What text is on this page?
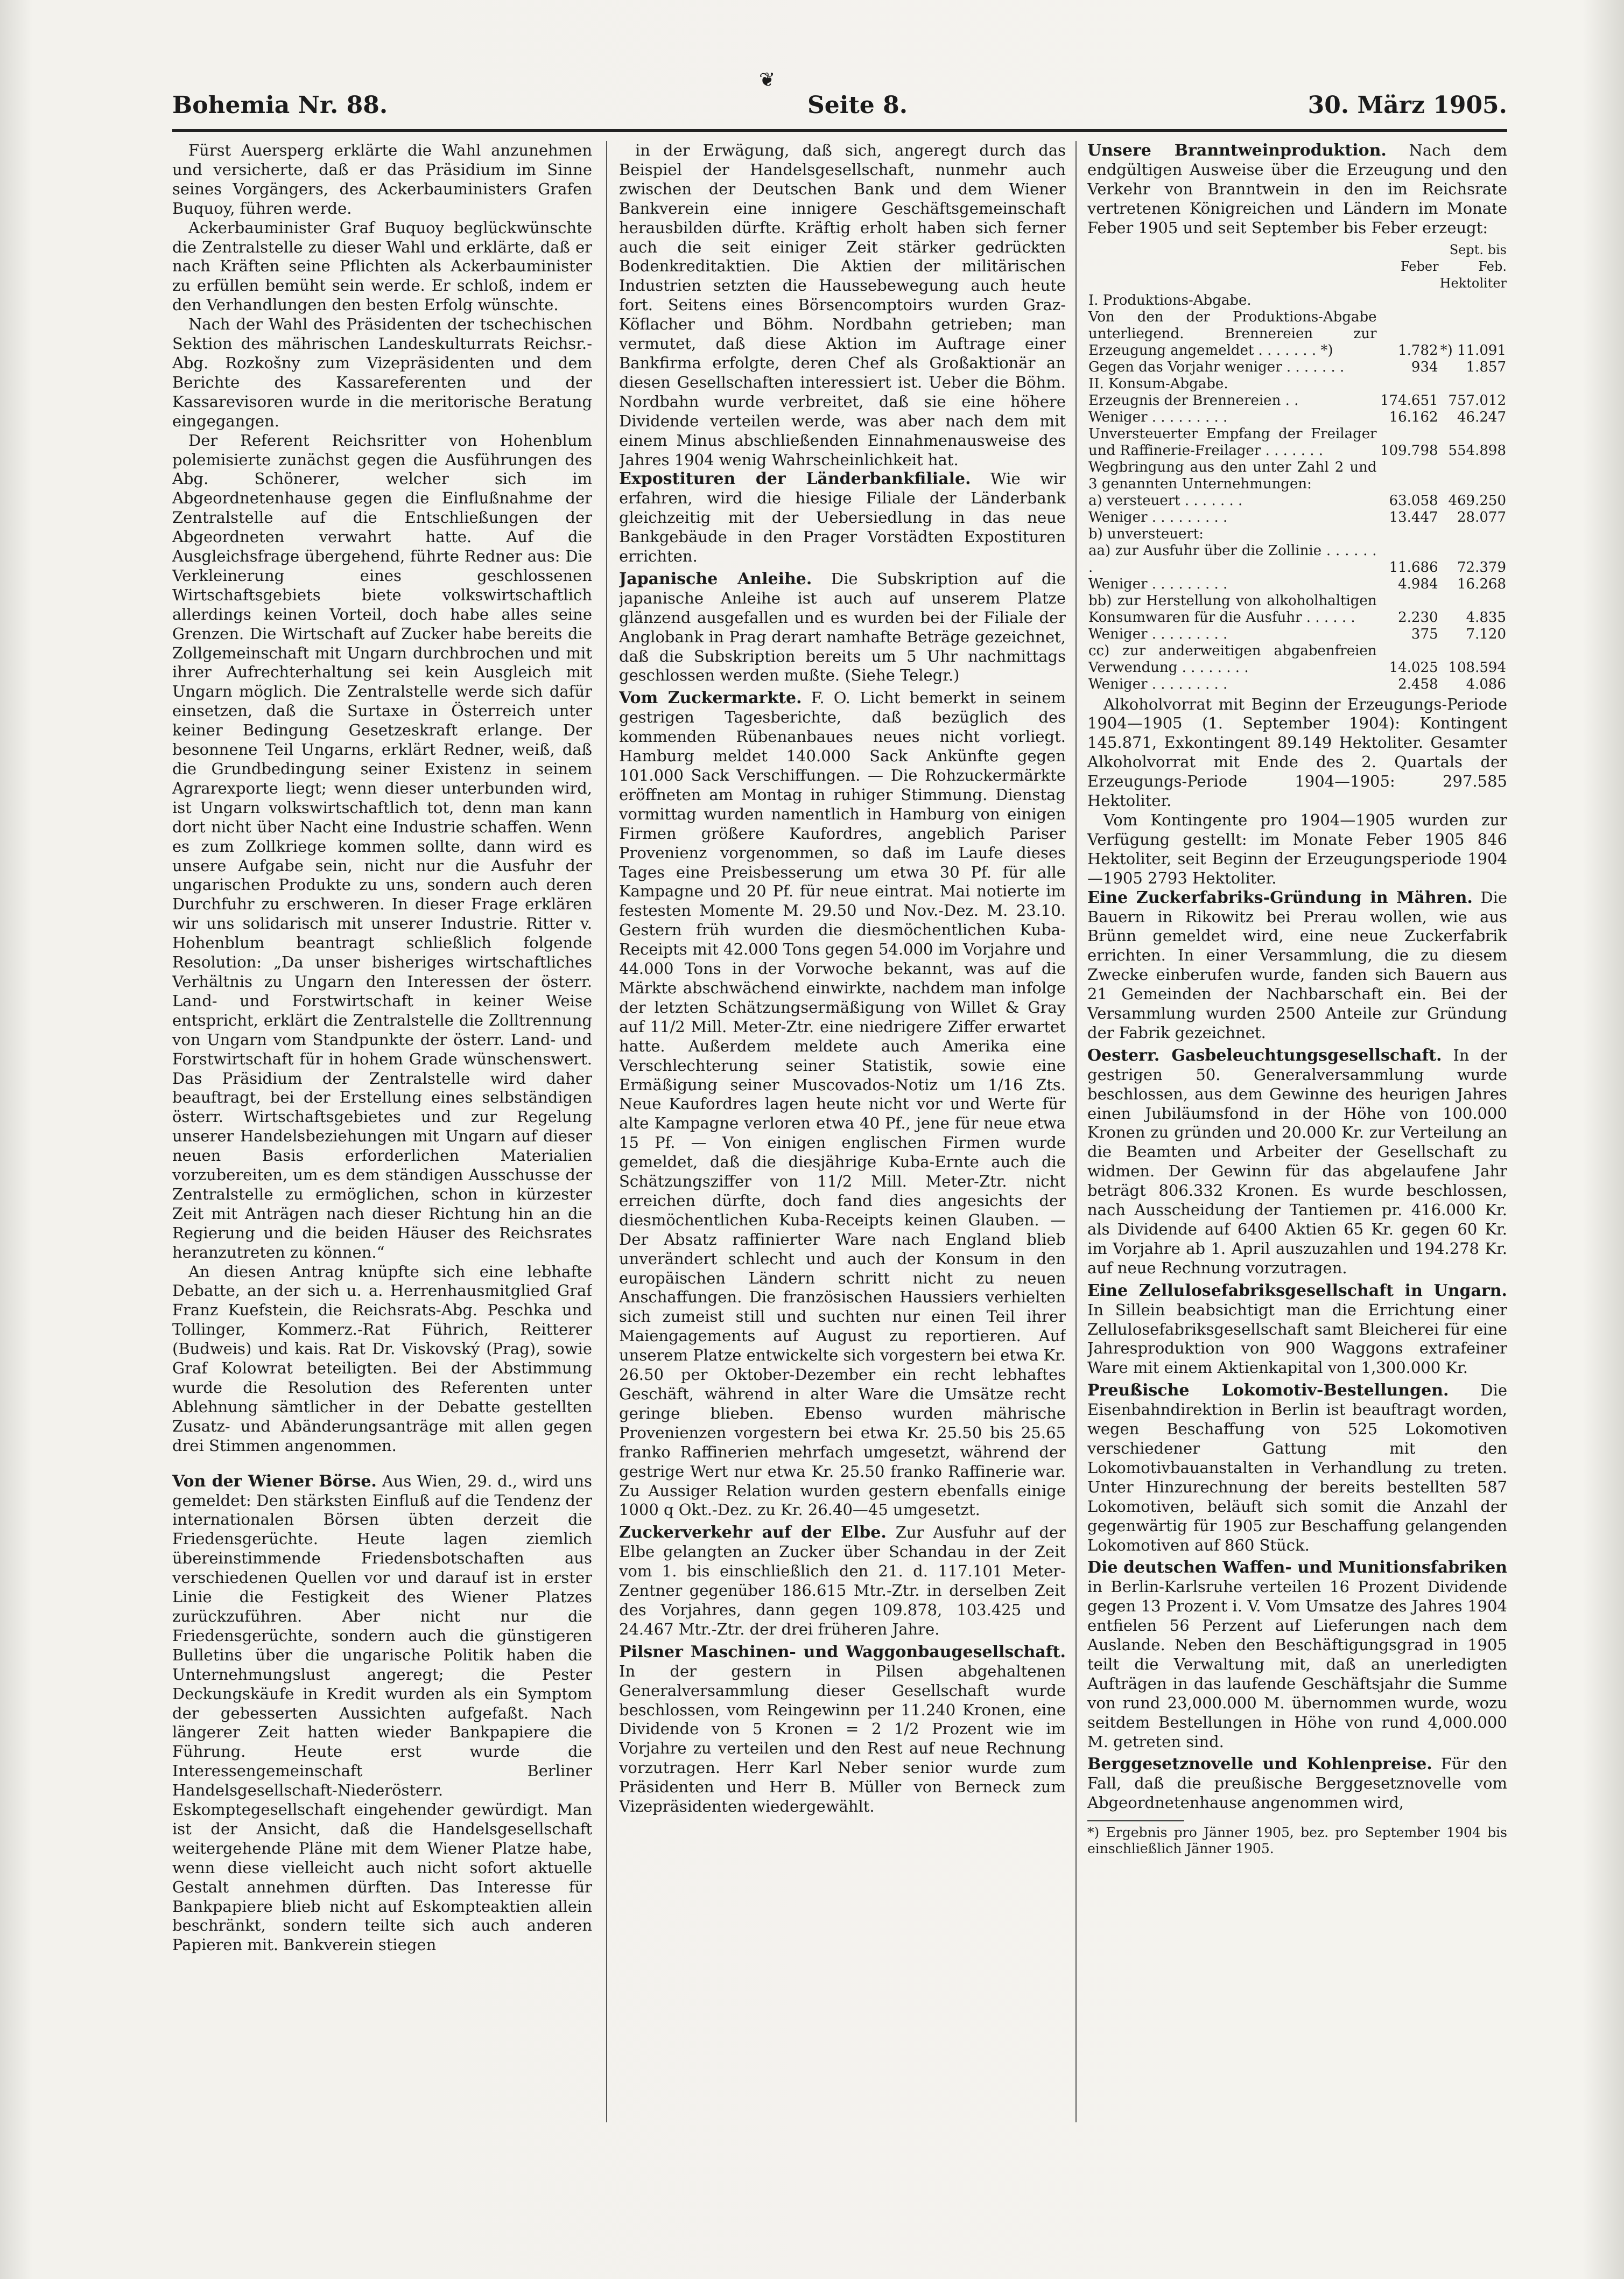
❦
Bohemia Nr. 88.	Seite 8.	30. März 1905.

Fürst Auersperg erklärte die Wahl anzunehmen und versicherte, daß er das Präsidium im Sinne seines Vorgängers, des Ackerbauministers Grafen Buquoy, führen werde.

Ackerbauminister Graf Buquoy beglückwünschte die Zentralstelle zu dieser Wahl und erklärte, daß er nach Kräften seine Pflichten als Ackerbauminister zu erfüllen bemüht sein werde. Er schloß, indem er den Verhandlungen den besten Erfolg wünschte.

Nach der Wahl des Präsidenten der tschechischen Sektion des mährischen Landeskulturrats Reichsr.-Abg. Rozkošny zum Vizepräsidenten und dem Berichte des Kassareferenten und der Kassarevisoren wurde in die meritorische Beratung eingegangen.

Der Referent Reichsritter von Hohenblum polemisierte zunächst gegen die Ausführungen des Abg. Schönerer, welcher sich im Abgeordnetenhause gegen die Einflußnahme der Zentralstelle auf die Entschließungen der Abgeordneten verwahrt hatte. Auf die Ausgleichsfrage übergehend, führte Redner aus: Die Verkleinerung eines geschlossenen Wirtschaftsgebiets biete volkswirtschaftlich allerdings keinen Vorteil, doch habe alles seine Grenzen. Die Wirtschaft auf Zucker habe bereits die Zollgemeinschaft mit Ungarn durchbrochen und mit ihrer Aufrechterhaltung sei kein Ausgleich mit Ungarn möglich. Die Zentralstelle werde sich dafür einsetzen, daß die Surtaxe in Österreich unter keiner Bedingung Gesetzeskraft erlange. Der besonnene Teil Ungarns, erklärt Redner, weiß, daß die Grundbedingung seiner Existenz in seinem Agrarexporte liegt; wenn dieser unterbunden wird, ist Ungarn volkswirtschaftlich tot, denn man kann dort nicht über Nacht eine Industrie schaffen. Wenn es zum Zollkriege kommen sollte, dann wird es unsere Aufgabe sein, nicht nur die Ausfuhr der ungarischen Produkte zu uns, sondern auch deren Durchfuhr zu erschweren. In dieser Frage erklären wir uns solidarisch mit unserer Industrie. Ritter v. Hohenblum beantragt schließlich folgende Resolution: „Da unser bisheriges wirtschaftliches Verhältnis zu Ungarn den Interessen der österr. Land- und Forstwirtschaft in keiner Weise entspricht, erklärt die Zentralstelle die Zolltrennung von Ungarn vom Standpunkte der österr. Land- und Forstwirtschaft für in hohem Grade wünschenswert. Das Präsidium der Zentralstelle wird daher beauftragt, bei der Erstellung eines selbständigen österr. Wirtschaftsgebietes und zur Regelung unserer Handelsbeziehungen mit Ungarn auf dieser neuen Basis erforderlichen Materialien vorzubereiten, um es dem ständigen Ausschusse der Zentralstelle zu ermöglichen, schon in kürzester Zeit mit Anträgen nach dieser Richtung hin an die Regierung und die beiden Häuser des Reichsrates heranzutreten zu können.“

An diesen Antrag knüpfte sich eine lebhafte Debatte, an der sich u. a. Herrenhausmitglied Graf Franz Kuefstein, die Reichsrats-Abg. Peschka und Tollinger, Kommerz.-Rat Führich, Reitterer (Budweis) und kais. Rat Dr. Viskovský (Prag), sowie Graf Kolowrat beteiligten. Bei der Abstimmung wurde die Resolution des Referenten unter Ablehnung sämtlicher in der Debatte gestellten Zusatz- und Abänderungsanträge mit allen gegen drei Stimmen angenommen.

Von der Wiener Börse. Aus Wien, 29. d., wird uns gemeldet: Den stärksten Einfluß auf die Tendenz der internationalen Börsen übten derzeit die Friedensgerüchte. Heute lagen ziemlich übereinstimmende Friedensbotschaften aus verschiedenen Quellen vor und darauf ist in erster Linie die Festigkeit des Wiener Platzes zurückzuführen. Aber nicht nur die Friedensgerüchte, sondern auch die günstigeren Bulletins über die ungarische Politik haben die Unternehmungslust angeregt; die Pester Deckungskäufe in Kredit wurden als ein Symptom der gebesserten Aussichten aufgefaßt. Nach längerer Zeit hatten wieder Bankpapiere die Führung. Heute erst wurde die Interessengemeinschaft Berliner Handelsgesellschaft-Niederösterr. Eskomptegesellschaft eingehender gewürdigt. Man ist der Ansicht, daß die Handelsgesellschaft weitergehende Pläne mit dem Wiener Platze habe, wenn diese vielleicht auch nicht sofort aktuelle Gestalt annehmen dürften. Das Interesse für Bankpapiere blieb nicht auf Eskompteaktien allein beschränkt, sondern teilte sich auch anderen Papieren mit. Bankverein stiegen

in der Erwägung, daß sich, angeregt durch das Beispiel der Handelsgesellschaft, nunmehr auch zwischen der Deutschen Bank und dem Wiener Bankverein eine innigere Geschäftsgemeinschaft herausbilden dürfte. Kräftig erholt haben sich ferner auch die seit einiger Zeit stärker gedrückten Bodenkreditaktien. Die Aktien der militärischen Industrien setzten die Haussebewegung auch heute fort. Seitens eines Börsencomptoirs wurden Graz-Köflacher und Böhm. Nordbahn getrieben; man vermutet, daß diese Aktion im Auftrage einer Bankfirma erfolgte, deren Chef als Großaktionär an diesen Gesellschaften interessiert ist. Ueber die Böhm. Nordbahn wurde verbreitet, daß sie eine höhere Dividende verteilen werde, was aber nach dem mit einem Minus abschließenden Einnahmenausweise des Jahres 1904 wenig Wahrscheinlichkeit hat.

Expostituren der Länderbankfiliale. Wie wir erfahren, wird die hiesige Filiale der Länderbank gleichzeitig mit der Uebersiedlung in das neue Bankgebäude in den Prager Vorstädten Expostituren errichten.

Japanische Anleihe. Die Subskription auf die japanische Anleihe ist auch auf unserem Platze glänzend ausgefallen und es wurden bei der Filiale der Anglobank in Prag derart namhafte Beträge gezeichnet, daß die Subskription bereits um 5 Uhr nachmittags geschlossen werden mußte. (Siehe Telegr.)

Vom Zuckermarkte. F. O. Licht bemerkt in seinem gestrigen Tagesberichte, daß bezüglich des kommenden Rübenanbaues neues nicht vorliegt. Hamburg meldet 140.000 Sack Ankünfte gegen 101.000 Sack Verschiffungen. — Die Rohzuckermärkte eröffneten am Montag in ruhiger Stimmung. Dienstag vormittag wurden namentlich in Hamburg von einigen Firmen größere Kaufordres, angeblich Pariser Provenienz vorgenommen, so daß im Laufe dieses Tages eine Preisbesserung um etwa 30 Pf. für alle Kampagne und 20 Pf. für neue eintrat. Mai notierte im festesten Momente M. 29.50 und Nov.-Dez. M. 23.10. Gestern früh wurden die diesmöchentlichen Kuba-Receipts mit 42.000 Tons gegen 54.000 im Vorjahre und 44.000 Tons in der Vorwoche bekannt, was auf die Märkte abschwächend einwirkte, nachdem man infolge der letzten Schätzungsermäßigung von Willet & Gray auf 11/2 Mill. Meter-Ztr. eine niedrigere Ziffer erwartet hatte. Außerdem meldete auch Amerika eine Verschlechterung seiner Statistik, sowie eine Ermäßigung seiner Muscovados-Notiz um 1/16 Zts. Neue Kaufordres lagen heute nicht vor und Werte für alte Kampagne verloren etwa 40 Pf., jene für neue etwa 15 Pf. — Von einigen englischen Firmen wurde gemeldet, daß die diesjährige Kuba-Ernte auch die Schätzungsziffer von 11/2 Mill. Meter-Ztr. nicht erreichen dürfte, doch fand dies angesichts der diesmöchentlichen Kuba-Receipts keinen Glauben. — Der Absatz raffinierter Ware nach England blieb unverändert schlecht und auch der Konsum in den europäischen Ländern schritt nicht zu neuen Anschaffungen. Die französischen Haussiers verhielten sich zumeist still und suchten nur einen Teil ihrer Maiengagements auf August zu reportieren. Auf unserem Platze entwickelte sich vorgestern bei etwa Kr. 26.50 per Oktober-Dezember ein recht lebhaftes Geschäft, während in alter Ware die Umsätze recht geringe blieben. Ebenso wurden mährische Provenienzen vorgestern bei etwa Kr. 25.50 bis 25.65 franko Raffinerien mehrfach umgesetzt, während der gestrige Wert nur etwa Kr. 25.50 franko Raffinerie war. Zu Aussiger Relation wurden gestern ebenfalls einige 1000 q Okt.-Dez. zu Kr. 26.40—45 umgesetzt.

Zuckerverkehr auf der Elbe. Zur Ausfuhr auf der Elbe gelangten an Zucker über Schandau in der Zeit vom 1. bis einschließlich den 21. d. 117.101 Meter-Zentner gegenüber 186.615 Mtr.-Ztr. in derselben Zeit des Vorjahres, dann gegen 109.878, 103.425 und 24.467 Mtr.-Ztr. der drei früheren Jahre.

Pilsner Maschinen- und Waggonbaugesellschaft. In der gestern in Pilsen abgehaltenen Generalversammlung dieser Gesellschaft wurde beschlossen, vom Reingewinn per 11.240 Kronen, eine Dividende von 5 Kronen = 2 1/2 Prozent wie im Vorjahre zu verteilen und den Rest auf neue Rechnung vorzutragen. Herr Karl Neber senior wurde zum Präsidenten und Herr B. Müller von Berneck zum Vizepräsidenten wiedergewählt.

Unsere Branntweinproduktion. Nach dem endgültigen Ausweise über die Erzeugung und den Verkehr von Branntwein in den im Reichsrate vertretenen Königreichen und Ländern im Monate Feber 1905 und seit September bis Feber erzeugt:

	Feber	Sept. bis Feb. Hektoliter
I. Produktions-Abgabe.		
Von den der Produktions-Abgabe unterliegend. Brennereien zur Erzeugung angemeldet . . . . . . . *)	1.782	*) 11.091
Gegen das Vorjahr weniger . . . . . . .	934	1.857
II. Konsum-Abgabe.		
Erzeugnis der Brennereien . .	174.651	757.012
Weniger . . . . . . . . .	16.162	46.247
Unversteuerter Empfang der Freilager und Raffinerie-Freilager . . . . . . .	109.798	554.898
Wegbringung aus den unter Zahl 2 und 3 genannten Unternehmungen:		
a) versteuert . . . . . . .	63.058	469.250
Weniger . . . . . . . . .	13.447	28.077
b) unversteuert:		
aa) zur Ausfuhr über die Zollinie . . . . . . .	11.686	72.379
Weniger . . . . . . . . .	4.984	16.268
bb) zur Herstellung von alkoholhaltigen Konsumwaren für die Ausfuhr . . . . . .	2.230	4.835
Weniger . . . . . . . . .	375	7.120
cc) zur anderweitigen abgabenfreien Verwendung . . . . . . . .	14.025	108.594
Weniger . . . . . . . . .	2.458	4.086

Alkoholvorrat mit Beginn der Erzeugungs-Periode 1904—1905 (1. September 1904): Kontingent 145.871, Exkontingent 89.149 Hektoliter. Gesamter Alkoholvorrat mit Ende des 2. Quartals der Erzeugungs-Periode 1904—1905: 297.585 Hektoliter.

Vom Kontingente pro 1904—1905 wurden zur Verfügung gestellt: im Monate Feber 1905 846 Hektoliter, seit Beginn der Erzeugungsperiode 1904—1905 2793 Hektoliter.

Eine Zuckerfabriks-Gründung in Mähren. Die Bauern in Rikowitz bei Prerau wollen, wie aus Brünn gemeldet wird, eine neue Zuckerfabrik errichten. In einer Versammlung, die zu diesem Zwecke einberufen wurde, fanden sich Bauern aus 21 Gemeinden der Nachbarschaft ein. Bei der Versammlung wurden 2500 Anteile zur Gründung der Fabrik gezeichnet.

Oesterr. Gasbeleuchtungsgesellschaft. In der gestrigen 50. Generalversammlung wurde beschlossen, aus dem Gewinne des heurigen Jahres einen Jubiläumsfond in der Höhe von 100.000 Kronen zu gründen und 20.000 Kr. zur Verteilung an die Beamten und Arbeiter der Gesellschaft zu widmen. Der Gewinn für das abgelaufene Jahr beträgt 806.332 Kronen. Es wurde beschlossen, nach Ausscheidung der Tantiemen pr. 416.000 Kr. als Dividende auf 6400 Aktien 65 Kr. gegen 60 Kr. im Vorjahre ab 1. April auszuzahlen und 194.278 Kr. auf neue Rechnung vorzutragen.

Eine Zellulosefabriksgesellschaft in Ungarn. In Sillein beabsichtigt man die Errichtung einer Zellulosefabriksgesellschaft samt Bleicherei für eine Jahresproduktion von 900 Waggons extrafeiner Ware mit einem Aktienkapital von 1,300.000 Kr.

Preußische Lokomotiv-Bestellungen. Die Eisenbahndirektion in Berlin ist beauftragt worden, wegen Beschaffung von 525 Lokomotiven verschiedener Gattung mit den Lokomotivbauanstalten in Verhandlung zu treten. Unter Hinzurechnung der bereits bestellten 587 Lokomotiven, beläuft sich somit die Anzahl der gegenwärtig für 1905 zur Beschaffung gelangenden Lokomotiven auf 860 Stück.

Die deutschen Waffen- und Munitionsfabriken in Berlin-Karlsruhe verteilen 16 Prozent Dividende gegen 13 Prozent i. V. Vom Umsatze des Jahres 1904 entfielen 56 Perzent auf Lieferungen nach dem Auslande. Neben den Beschäftigungsgrad in 1905 teilt die Verwaltung mit, daß an unerledigten Aufträgen in das laufende Geschäftsjahr die Summe von rund 23,000.000 M. übernommen wurde, wozu seitdem Bestellungen in Höhe von rund 4,000.000 M. getreten sind.

Berggesetznovelle und Kohlenpreise. Für den Fall, daß die preußische Berggesetznovelle vom Abgeordnetenhause angenommen wird,

*) Ergebnis pro Jänner 1905, bez. pro September 1904 bis einschließlich Jänner 1905.
